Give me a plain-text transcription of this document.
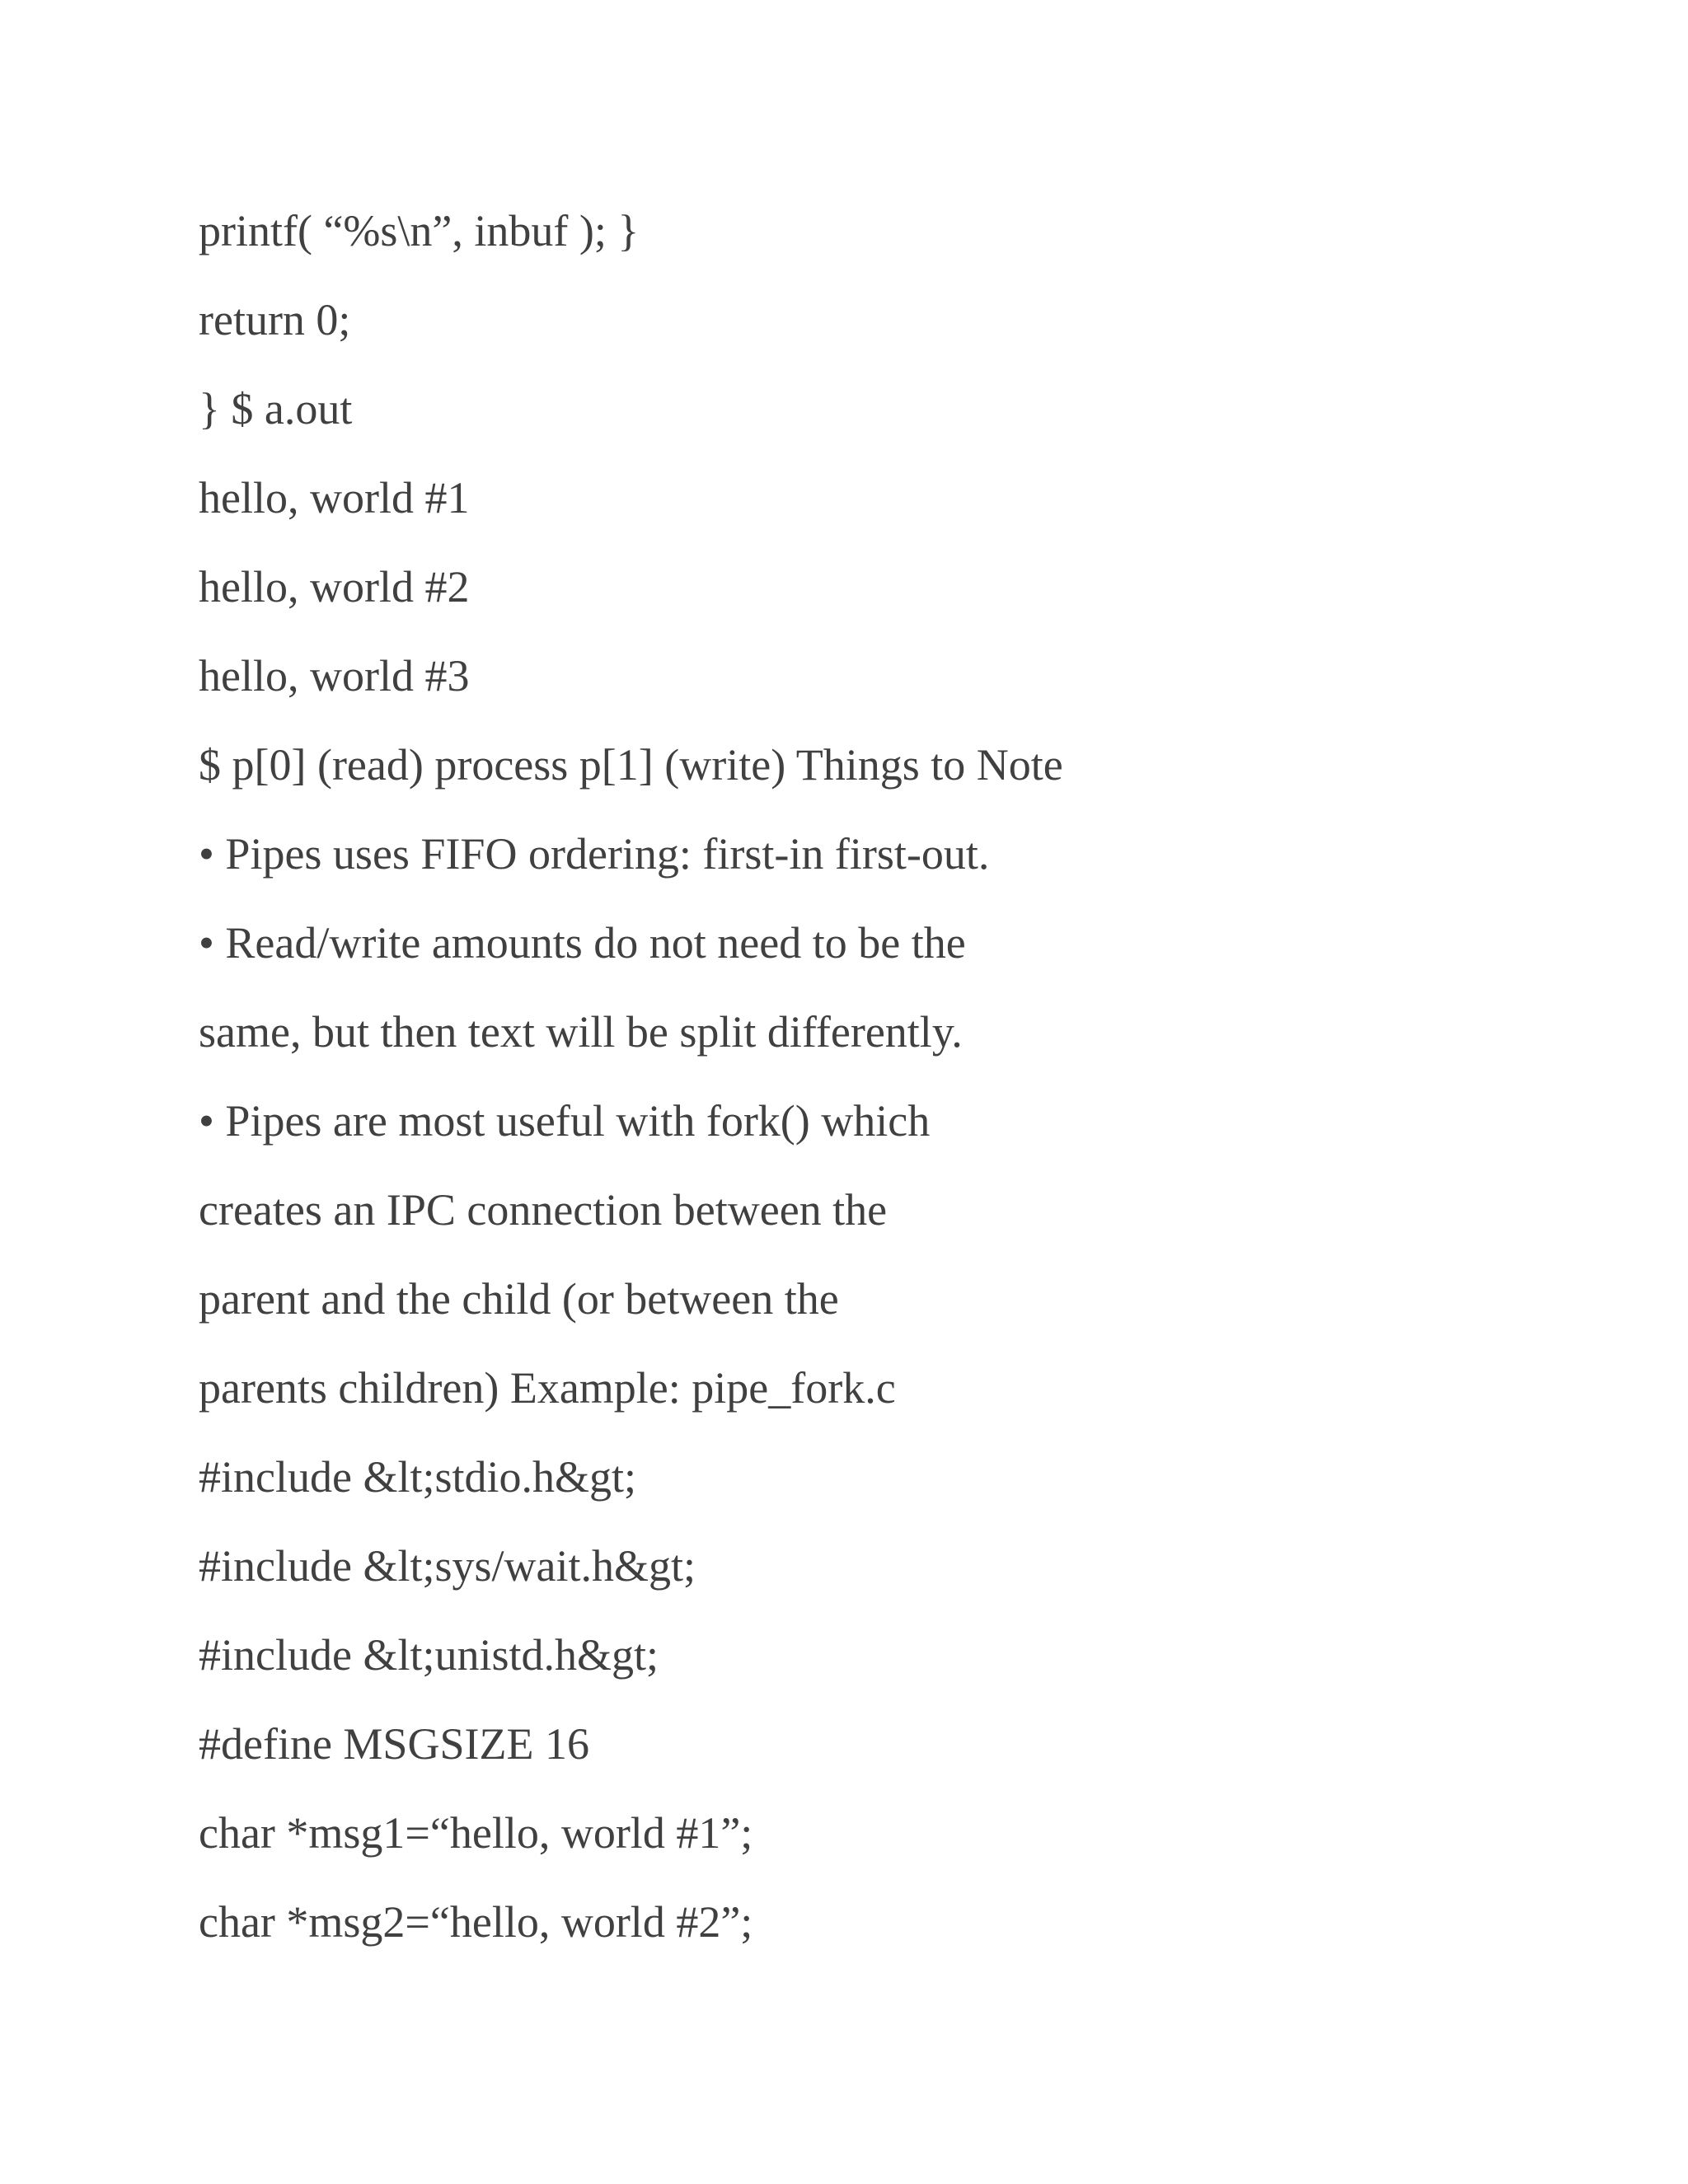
printf( “%s\n”, inbuf ); }
return 0;
} $ a.out
hello, world #1
hello, world #2
hello, world #3
$ p[0] (read) process p[1] (write) Things to Note
• Pipes uses FIFO ordering: first-in first-out.
• Read/write amounts do not need to be the
same, but then text will be split differently.
• Pipes are most useful with fork() which
creates an IPC connection between the
parent and the child (or between the
parents children) Example: pipe_fork.c
#include &lt;stdio.h&gt;
#include &lt;sys/wait.h&gt;
#include &lt;unistd.h&gt;
#define MSGSIZE 16
char *msg1=“hello, world #1”;
char *msg2=“hello, world #2”;
